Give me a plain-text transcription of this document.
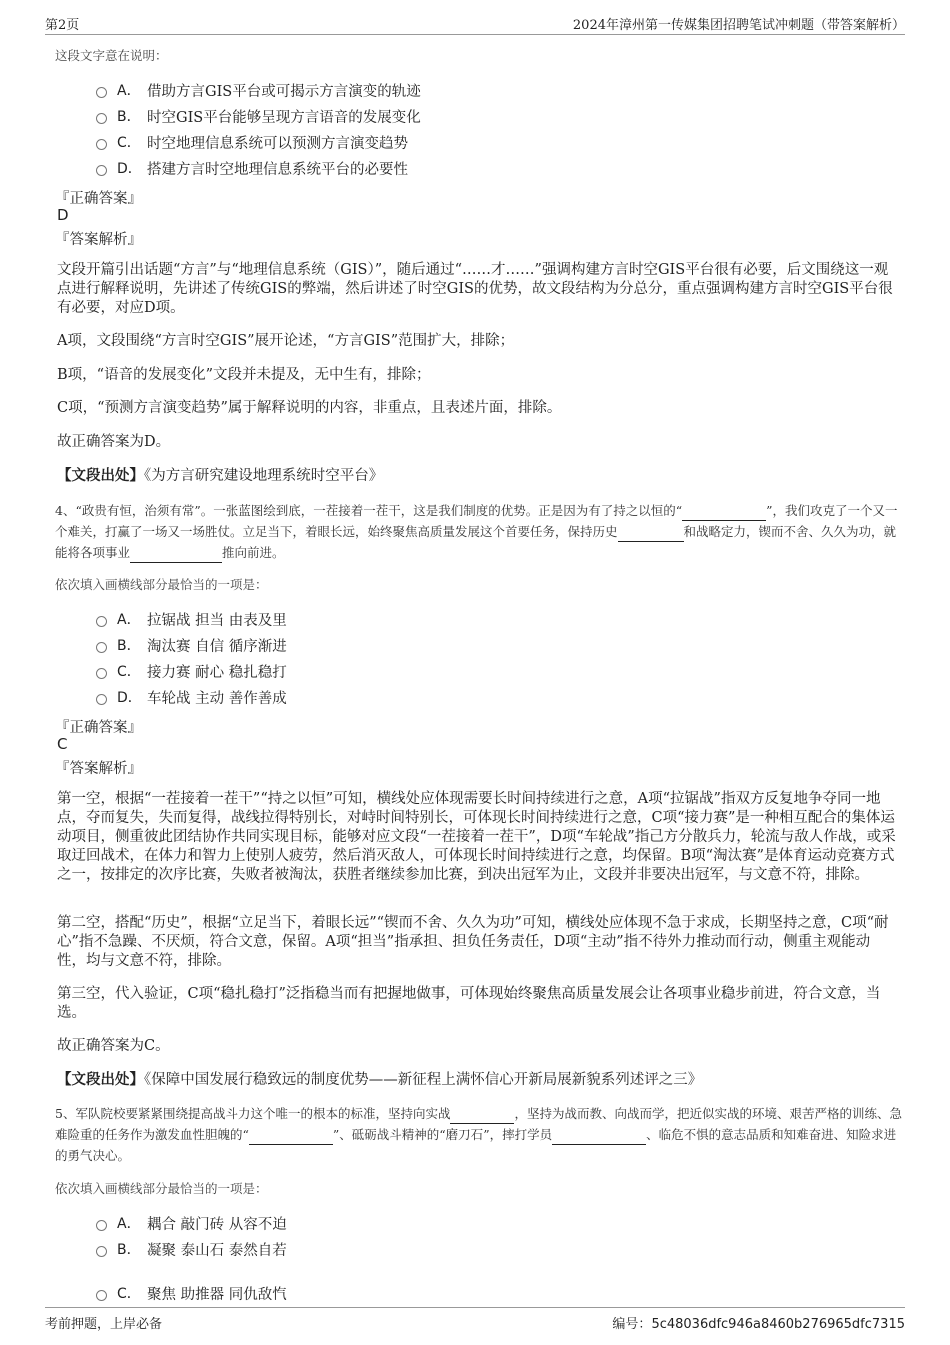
第2页	2024年漳州第一传媒集团招聘笔试冲刺题（带答案解析）
这段文字意在说明：
A． 借助方言GIS平台或可揭示方言演变的轨迹
B． 时空GIS平台能够呈现方言语音的发展变化
C． 时空地理信息系统可以预测方言演变趋势
D． 搭建方言时空地理信息系统平台的必要性
『正确答案』
D
『答案解析』
文段开篇引出话题“方言”与“地理信息系统（GIS）”，随后通过“……才……”强调构建方言时空GIS平台很有必要，后文围绕这一观点进行解释说明，先讲述了传统GIS的弊端，然后讲述了时空GIS的优势，故文段结构为分总分，重点强调构建方言时空GIS平台很有必要，对应D项。
A项，文段围绕“方言时空GIS”展开论述，“方言GIS”范围扩大，排除；
B项，“语音的发展变化”文段并未提及，无中生有，排除；
C项，“预测方言演变趋势”属于解释说明的内容，非重点，且表述片面，排除。
故正确答案为D。
【文段出处】《为方言研究建设地理系统时空平台》
4、“政贵有恒，治须有常”。一张蓝图绘到底，一茬接着一茬干，这是我们制度的优势。正是因为有了持之以恒的“	”，我们攻克了一个又一个难关，打赢了一场又一场胜仗。立足当下，着眼长远，始终聚焦高质量发展这个首要任务，保持历史	和战略定力，锲而不舍、久久为功，就能将各项事业	推向前进。
依次填入画横线部分最恰当的一项是：
A． 拉锯战 担当 由表及里
B． 淘汰赛 自信 循序渐进
C． 接力赛 耐心 稳扎稳打
D． 车轮战 主动 善作善成
『正确答案』
C
『答案解析』
第一空，根据“一茬接着一茬干”“持之以恒”可知，横线处应体现需要长时间持续进行之意，A项“拉锯战”指双方反复地争夺同一地点，夺而复失，失而复得，战线拉得特别长，对峙时间特别长，可体现长时间持续进行之意，C项“接力赛”是一种相互配合的集体运动项目，侧重彼此团结协作共同实现目标，能够对应文段“一茬接着一茬干”，D项“车轮战”指己方分散兵力，轮流与敌人作战，或采取迂回战术，在体力和智力上使别人疲劳，然后消灭敌人，可体现长时间持续进行之意，均保留。B项“淘汰赛”是体育运动竞赛方式之一，按排定的次序比赛，失败者被淘汰，获胜者继续参加比赛，到决出冠军为止，文段并非要决出冠军，与文意不符，排除。
第二空，搭配“历史”，根据“立足当下，着眼长远”“锲而不舍、久久为功”可知，横线处应体现不急于求成，长期坚持之意，C项“耐心”指不急躁、不厌烦，符合文意，保留。A项“担当”指承担、担负任务责任，D项“主动”指不待外力推动而行动，侧重主观能动性，均与文意不符，排除。
第三空，代入验证，C项“稳扎稳打”泛指稳当而有把握地做事，可体现始终聚焦高质量发展会让各项事业稳步前进，符合文意，当选。
故正确答案为C。
【文段出处】《保障中国发展行稳致远的制度优势——新征程上满怀信心开新局展新貌系列述评之三》
5、军队院校要紧紧围绕提高战斗力这个唯一的根本的标准，坚持向实战	，坚持为战而教、向战而学，把近似实战的环境、艰苦严格的训练、急难险重的任务作为激发血性胆魄的“	”、砥砺战斗精神的“磨刀石”，摔打学员	、临危不惧的意志品质和知难奋进、知险求进的勇气决心。
依次填入画横线部分最恰当的一项是：
A． 耦合 敲门砖 从容不迫
B． 凝聚 泰山石 泰然自若
C． 聚焦 助推器 同仇敌忾
考前押题，上岸必备	编号：5c48036dfc946a8460b276965dfc7315
